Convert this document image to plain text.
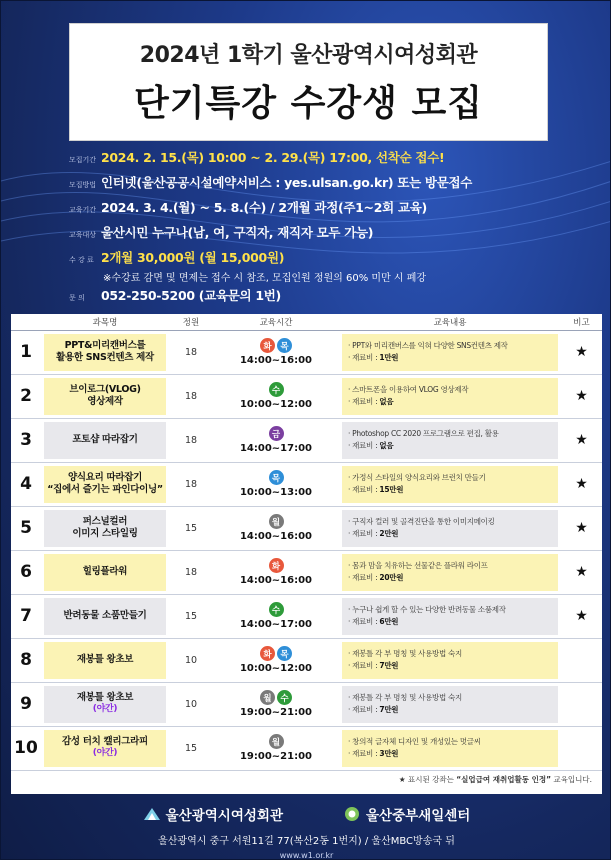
2024년 1학기 울산광역시여성회관
단기특강 수강생 모집
모집기간 2024. 2. 15.(목) 10:00 ~ 2. 29.(목) 17:00, 선착순 접수!
모집방법 인터넷(울산공공시설예약서비스 : yes.ulsan.go.kr) 또는 방문접수
교육기간 2024. 3. 4.(월) ~ 5. 8.(수) / 2개월 과정(주1~2회 교육)
교육대상 울산시민 누구나(남, 여, 구직자, 재직자 모두 가능)
수 강 료 2개월 30,000원 (월 15,000원)
※수강료 감면 및 면제는 접수 시 참조, 모집인원 정원의 60% 미만 시 폐강
문 의	052-250-5200 (교육문의 1번)
	과목명	정원	교육시간	교육내용	비고
1	PPT&미리캔버스를
활용한 SNS컨텐츠 제작	18	화 목
14:00~16:00	· PPT와 미리캔버스를 익혀 다양한 SNS컨텐츠 제작
· 재료비 : 1만원	★
2	브이로그(VLOG)
영상제작	18	수
10:00~12:00	· 스마트폰을 이용하여 VLOG 영상제작
· 재료비 : 없음	★
3	포토샵 따라잡기	18	금
14:00~17:00	· Photoshop CC 2020 프로그램으로 편집, 활용
· 재료비 : 없음	★
4	양식요리 따라잡기
“집에서 즐기는 파인다이닝”	18	목
10:00~13:00	· 가정식 스타일의 양식요리와 브런치 만들기
· 재료비 : 15만원	★
5	퍼스널컬러
이미지 스타일링	15	월
14:00~16:00	· 구직자 컬러 및 골격진단을 통한 이미지메이킹
· 재료비 : 2만원	★
6	힐링플라워	18	화
14:00~16:00	· 몸과 맘을 치유하는 선물같은 플라워 라이프
· 재료비 : 20만원	★
7	반려동물 소품만들기	15	수
14:00~17:00	· 누구나 쉽게 할 수 있는 다양한 반려동물 소품제작
· 재료비 : 6만원	★
8	재봉틀 왕초보	10	화 목
10:00~12:00	· 재봉틀 각 부 명칭 및 사용방법 숙지
· 재료비 : 7만원	

9	재봉틀 왕초보
(야간)	10	월 수
19:00~21:00	· 재봉틀 각 부 명칭 및 사용방법 숙지
· 재료비 : 7만원	

10	감성 터치 캘리그라피
(야간)	15	월
19:00~21:00	· 창의적 글자체 디자인 및 개성있는 멋글씨
· 재료비 : 3만원	

★ 표시된 강좌는 “실업급여 재취업활동 인정” 교육입니다.
울산광역시여성회관	울산중부새일센터
울산광역시 중구 서원11길 77(복산2동 1번지) / 울산MBC방송국 뒤
www.w1.or.kr
